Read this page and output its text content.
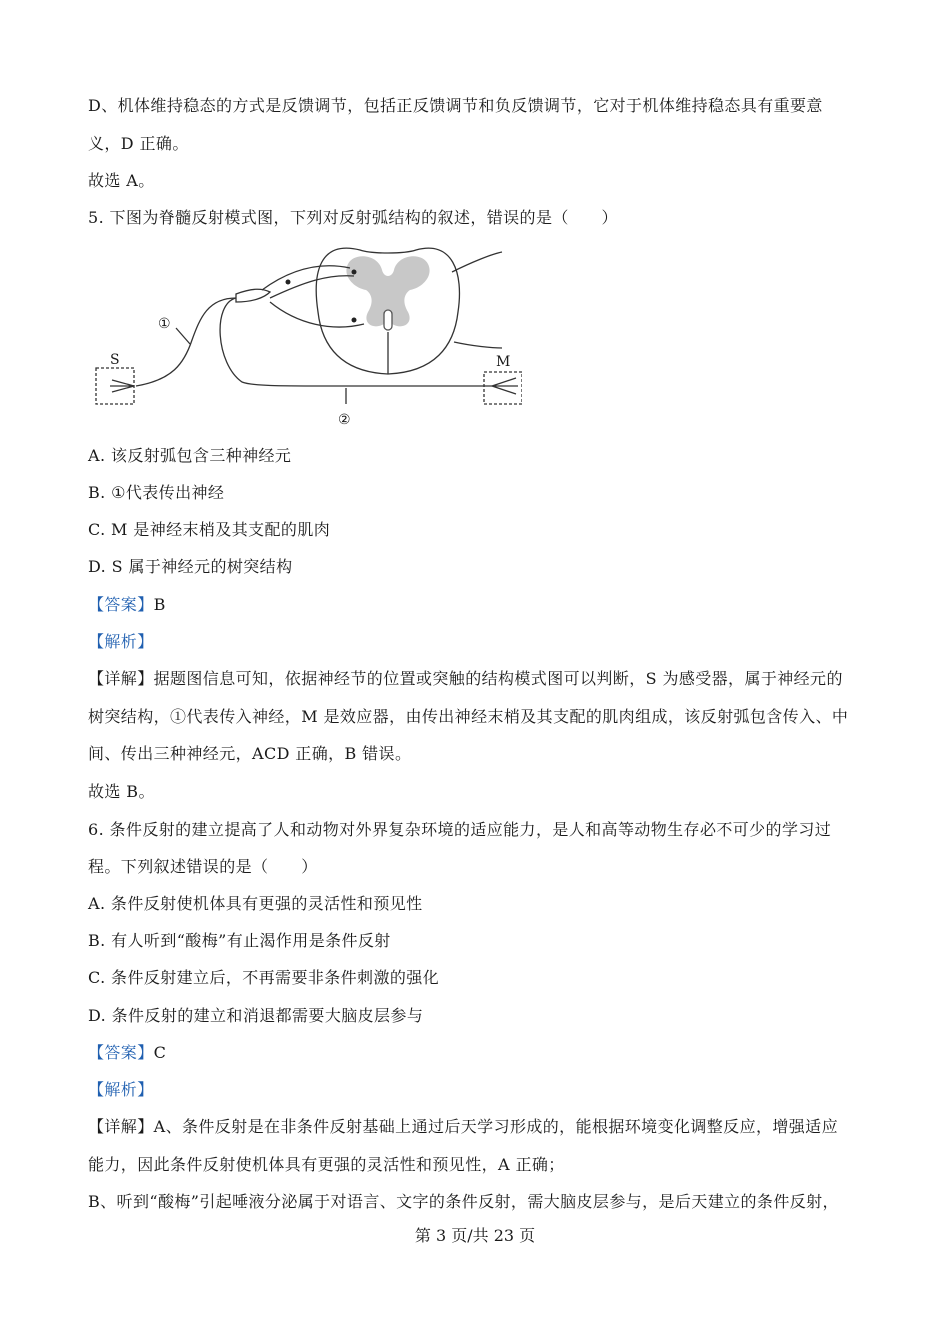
D、机体维持稳态的方式是反馈调节，包括正反馈调节和负反馈调节，它对于机体维持稳态具有重要意
义，D 正确。
故选 A。
5. 下图为脊髓反射模式图，下列对反射弧结构的叙述，错误的是（　　）
S	M
①
②
A. 该反射弧包含三种神经元
B. ①代表传出神经
C. M 是神经末梢及其支配的肌肉
D. S 属于神经元的树突结构
【答案】B
【解析】
【详解】据题图信息可知，依据神经节的位置或突触的结构模式图可以判断，S 为感受器，属于神经元的
树突结构，①代表传入神经，M 是效应器，由传出神经末梢及其支配的肌肉组成，该反射弧包含传入、中
间、传出三种神经元，ACD 正确，B 错误。
故选 B。
6. 条件反射的建立提高了人和动物对外界复杂环境的适应能力，是人和高等动物生存必不可少的学习过
程。下列叙述错误的是（　　）
A. 条件反射使机体具有更强的灵活性和预见性
B. 有人听到“酸梅”有止渴作用是条件反射
C. 条件反射建立后，不再需要非条件刺激的强化
D. 条件反射的建立和消退都需要大脑皮层参与
【答案】C
【解析】
【详解】A、条件反射是在非条件反射基础上通过后天学习形成的，能根据环境变化调整反应，增强适应
能力，因此条件反射使机体具有更强的灵活性和预见性，A 正确；
B、听到“酸梅”引起唾液分泌属于对语言、文字的条件反射，需大脑皮层参与，是后天建立的条件反射，
第 3 页/共 23 页
